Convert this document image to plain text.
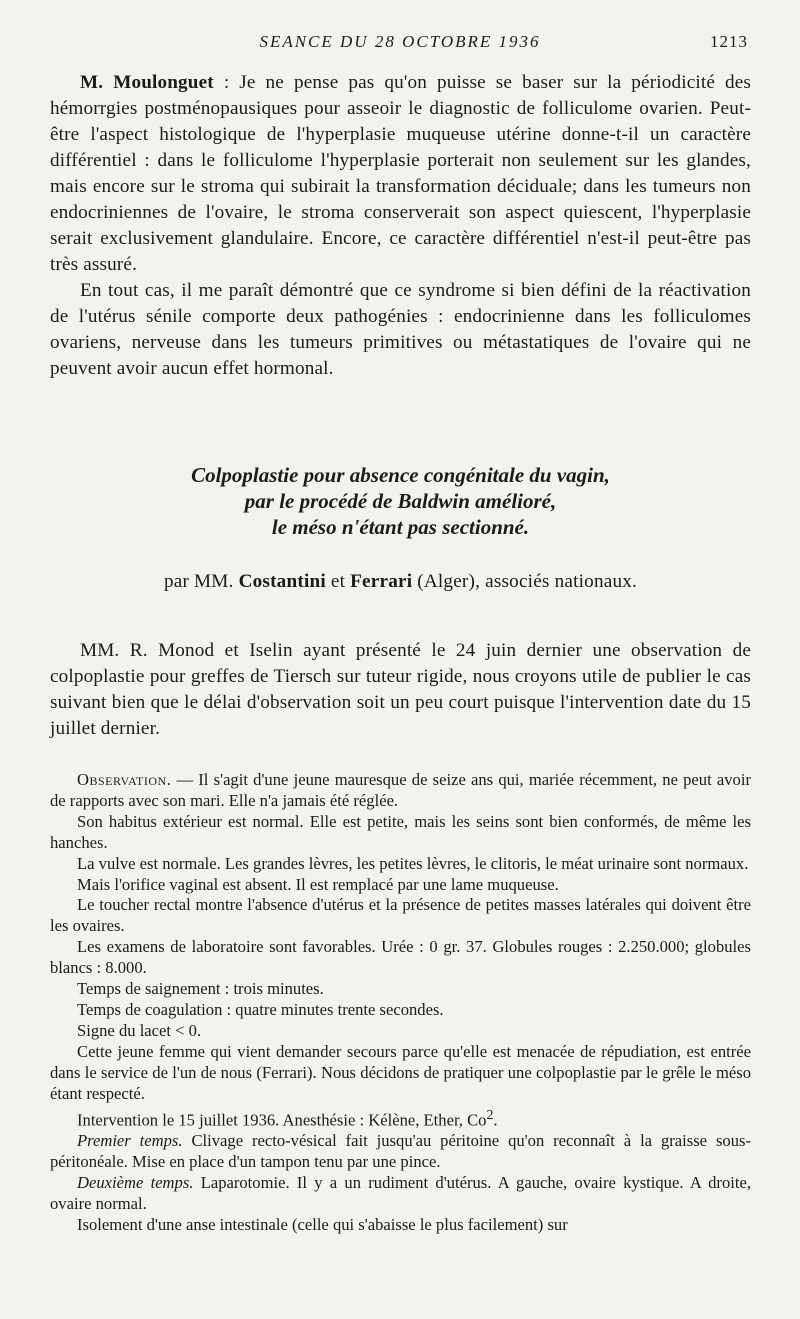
SEANCE DU 28 OCTOBRE 1936	1213

M. Moulonguet : Je ne pense pas qu'on puisse se baser sur la périodicité des hémorrgies postménopausiques pour asseoir le diagnostic de folliculome ovarien. Peut-être l'aspect histologique de l'hyperplasie muqueuse utérine donne-t-il un caractère différentiel : dans le folliculome l'hyperplasie porterait non seulement sur les glandes, mais encore sur le stroma qui subirait la transformation déciduale; dans les tumeurs non endocriniennes de l'ovaire, le stroma conserverait son aspect quiescent, l'hyperplasie serait exclusivement glandulaire. Encore, ce caractère différentiel n'est-il peut-être pas très assuré.

En tout cas, il me paraît démontré que ce syndrome si bien défini de la réactivation de l'utérus sénile comporte deux pathogénies : endocrinienne dans les folliculomes ovariens, nerveuse dans les tumeurs primitives ou métastatiques de l'ovaire qui ne peuvent avoir aucun effet hormonal.

Colpoplastie pour absence congénitale du vagin,
par le procédé de Baldwin amélioré,
le méso n'étant pas sectionné.
par MM. Costantini et Ferrari (Alger), associés nationaux.

MM. R. Monod et Iselin ayant présenté le 24 juin dernier une observation de colpoplastie pour greffes de Tiersch sur tuteur rigide, nous croyons utile de publier le cas suivant bien que le délai d'observation soit un peu court puisque l'intervention date du 15 juillet dernier.

Observation. — Il s'agit d'une jeune mauresque de seize ans qui, mariée récemment, ne peut avoir de rapports avec son mari. Elle n'a jamais été réglée.

Son habitus extérieur est normal. Elle est petite, mais les seins sont bien conformés, de même les hanches.

La vulve est normale. Les grandes lèvres, les petites lèvres, le clitoris, le méat urinaire sont normaux.

Mais l'orifice vaginal est absent. Il est remplacé par une lame muqueuse.

Le toucher rectal montre l'absence d'utérus et la présence de petites masses latérales qui doivent être les ovaires.

Les examens de laboratoire sont favorables. Urée : 0 gr. 37. Globules rouges : 2.250.000; globules blancs : 8.000.

Temps de saignement : trois minutes.

Temps de coagulation : quatre minutes trente secondes.

Signe du lacet < 0.

Cette jeune femme qui vient demander secours parce qu'elle est menacée de répudiation, est entrée dans le service de l'un de nous (Ferrari). Nous décidons de pratiquer une colpoplastie par le grêle le méso étant respecté.

Intervention le 15 juillet 1936. Anesthésie : Kélène, Ether, Co$^2$.

Premier temps. Clivage recto-vésical fait jusqu'au péritoine qu'on reconnaît à la graisse sous-péritonéale. Mise en place d'un tampon tenu par une pince.

Deuxième temps. Laparotomie. Il y a un rudiment d'utérus. A gauche, ovaire kystique. A droite, ovaire normal.

Isolement d'une anse intestinale (celle qui s'abaisse le plus facilement) sur
